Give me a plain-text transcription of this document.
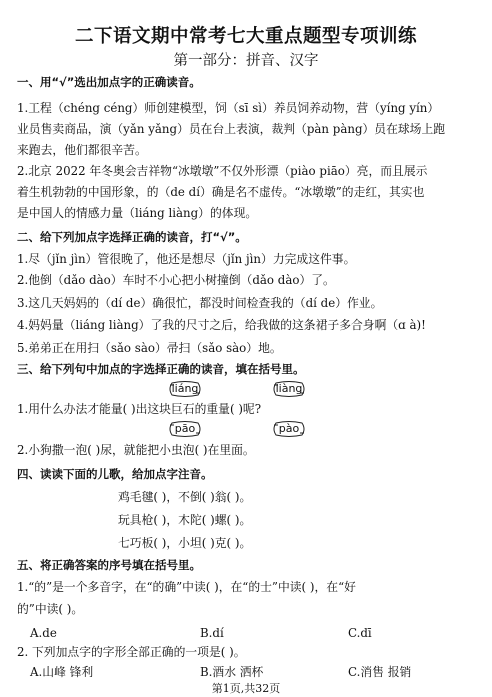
二下语文期中常考七大重点题型专项训练
第一部分：拼音、汉字
一、用“√”选出加点字的正确读音。
1.工程（chéng céng）师创建模型，饲（sī sì）养员饲养动物，营（yíng yín）
业员售卖商品，演（yǎn yǎng）员在台上表演，裁判（pàn pàng）员在球场上跑
来跑去，他们都很辛苦。
2.北京 2022 年冬奥会吉祥物“冰墩墩”不仅外形漂（piào piāo）亮，而且展示
着生机勃勃的中国形象，的（de dí）确是名不虚传。“冰墩墩”的走红，其实也
是中国人的情感力量（liáng liàng）的体现。
二、给下列加点字选择正确的读音，打“√”。
1.尽（jǐn jìn）管很晚了，他还是想尽（jǐn jìn）力完成这件事。
2.他倒（dǎo dào）车时不小心把小树撞倒（dǎo dào）了。
3.这几天妈妈的（dí de）确很忙，都没时间检查我的（dí de）作业。
4.妈妈量（liáng liàng）了我的尺寸之后，给我做的这条裙子多合身啊（ɑ à)!
5.弟弟正在用扫（sǎo sào）帚扫（sǎo sào）地。
三、给下列句中加点的字选择正确的读音，填在括号里。
liáng	liàng
1.用什么办法才能量( )出这块巨石的重量( )呢?
pāo	pào
2.小狗撒一泡( )尿，就能把小虫泡( )在里面。
四、读读下面的儿歌，给加点字注音。
鸡毛毽( )，不倒( )翁( )。
玩具枪( )，木陀( )螺( )。
七巧板( )，小坦( )克( )。
五、将正确答案的序号填在括号里。
1.“的”是一个多音字，在“的确”中读( )，在“的士”中读( )，在“好
的”中读( )。
A.de	B.dí	C.dī
2. 下列加点字的字形全部正确的一项是( )。
A.山峰 锋利	B.酒水 洒杯	C.消售 报销
第1页,共32页
